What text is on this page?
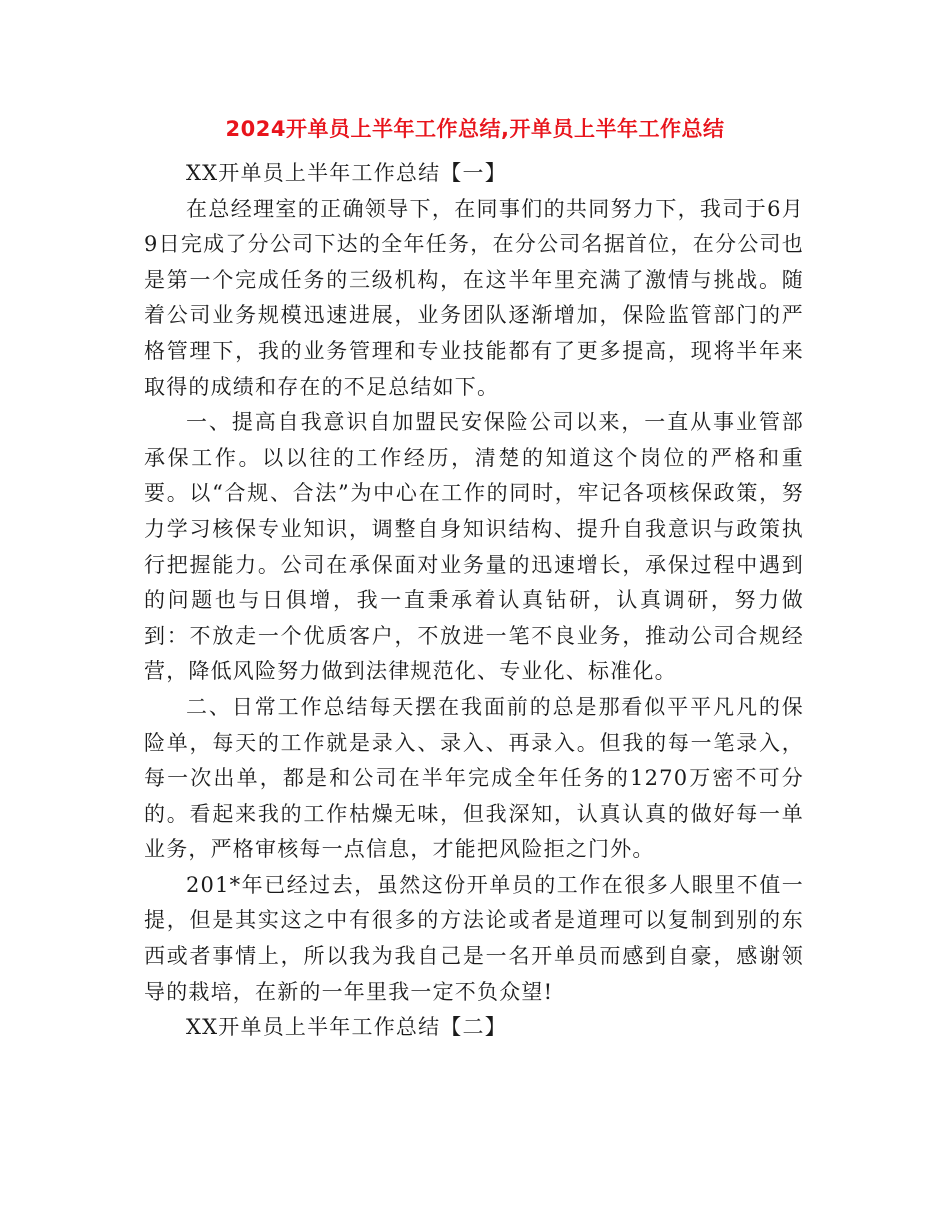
2024开单员上半年工作总结,开单员上半年工作总结

XX开单员上半年工作总结【一】

在总经理室的正确领导下，在同事们的共同努力下，我司于6月9日完成了分公司下达的全年任务，在分公司名据首位，在分公司也是第一个完成任务的三级机构，在这半年里充满了激情与挑战。随着公司业务规模迅速进展，业务团队逐渐增加，保险监管部门的严格管理下，我的业务管理和专业技能都有了更多提高，现将半年来取得的成绩和存在的不足总结如下。

一、提高自我意识自加盟民安保险公司以来，一直从事业管部承保工作。以以往的工作经历，清楚的知道这个岗位的严格和重要。以“合规、合法”为中心在工作的同时，牢记各项核保政策，努力学习核保专业知识，调整自身知识结构、提升自我意识与政策执行把握能力。公司在承保面对业务量的迅速增长，承保过程中遇到的问题也与日俱增，我一直秉承着认真钻研，认真调研，努力做到：不放走一个优质客户，不放进一笔不良业务，推动公司合规经营，降低风险努力做到法律规范化、专业化、标准化。

二、日常工作总结每天摆在我面前的总是那看似平平凡凡的保险单，每天的工作就是录入、录入、再录入。但我的每一笔录入，每一次出单，都是和公司在半年完成全年任务的1270万密不可分的。看起来我的工作枯燥无味，但我深知，认真认真的做好每一单业务，严格审核每一点信息，才能把风险拒之门外。

201*年已经过去，虽然这份开单员的工作在很多人眼里不值一提，但是其实这之中有很多的方法论或者是道理可以复制到别的东西或者事情上，所以我为我自己是一名开单员而感到自豪，感谢领导的栽培，在新的一年里我一定不负众望!

XX开单员上半年工作总结【二】
